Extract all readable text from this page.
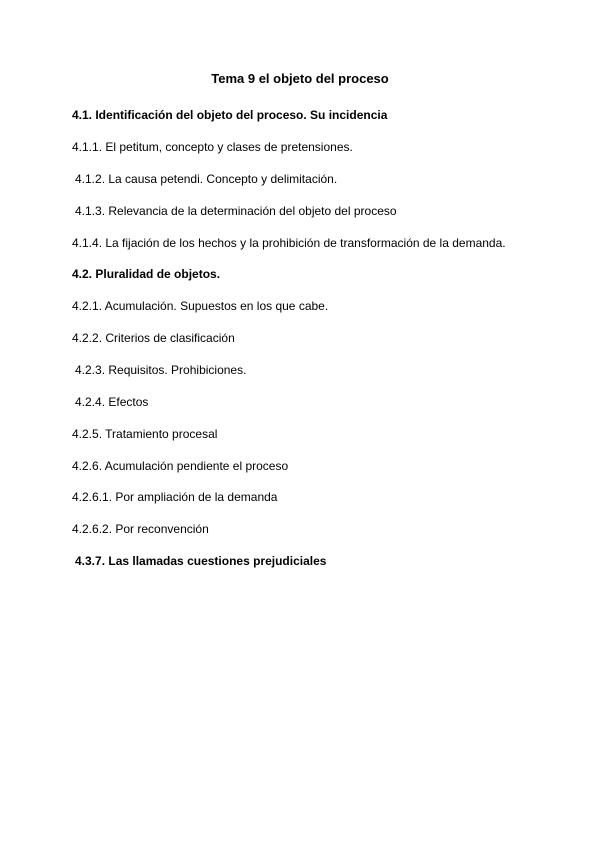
Tema 9 el objeto del proceso
4.1. Identificación del objeto del proceso. Su incidencia
4.1.1. El petitum, concepto y clases de pretensiones.
4.1.2. La causa petendi. Concepto y delimitación.
4.1.3. Relevancia de la determinación del objeto del proceso
4.1.4. La fijación de los hechos y la prohibición de transformación de la demanda.
4.2. Pluralidad de objetos.
4.2.1. Acumulación. Supuestos en los que cabe.
4.2.2. Criterios de clasificación
4.2.3. Requisitos. Prohibiciones.
4.2.4. Efectos
4.2.5. Tratamiento procesal
4.2.6. Acumulación pendiente el proceso
4.2.6.1. Por ampliación de la demanda
4.2.6.2. Por reconvención
4.3.7. Las llamadas cuestiones prejudiciales
